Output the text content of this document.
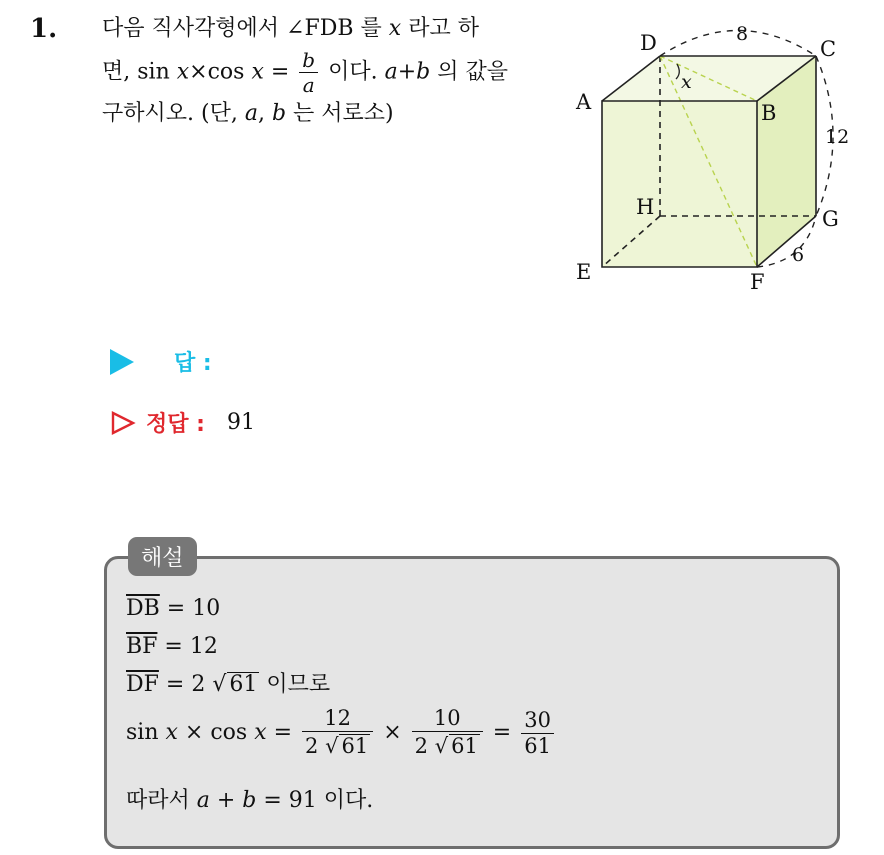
1. 다음 직사각형에서 ∠FDB 를 x 라고 하
면, sin x×cos $x = \frac{b}{a}$ 이다. a+b 의 값을
구하시오. (단, a, b 는 서로소)
D	C
A	B
H	G
E	F
x
8
12
6
답 :
정답 : 91
해설
$\overline{DB} = 10$
$\overline{BF} = 12$
$\overline{DF} = 2$ √ 61 이므로
$\sin x \times \cos x = \frac{12}{2 √ 61} \times \frac{10}{2 √ 61} = \frac{30}{61}$
따라서 a + b = 91 이다.
